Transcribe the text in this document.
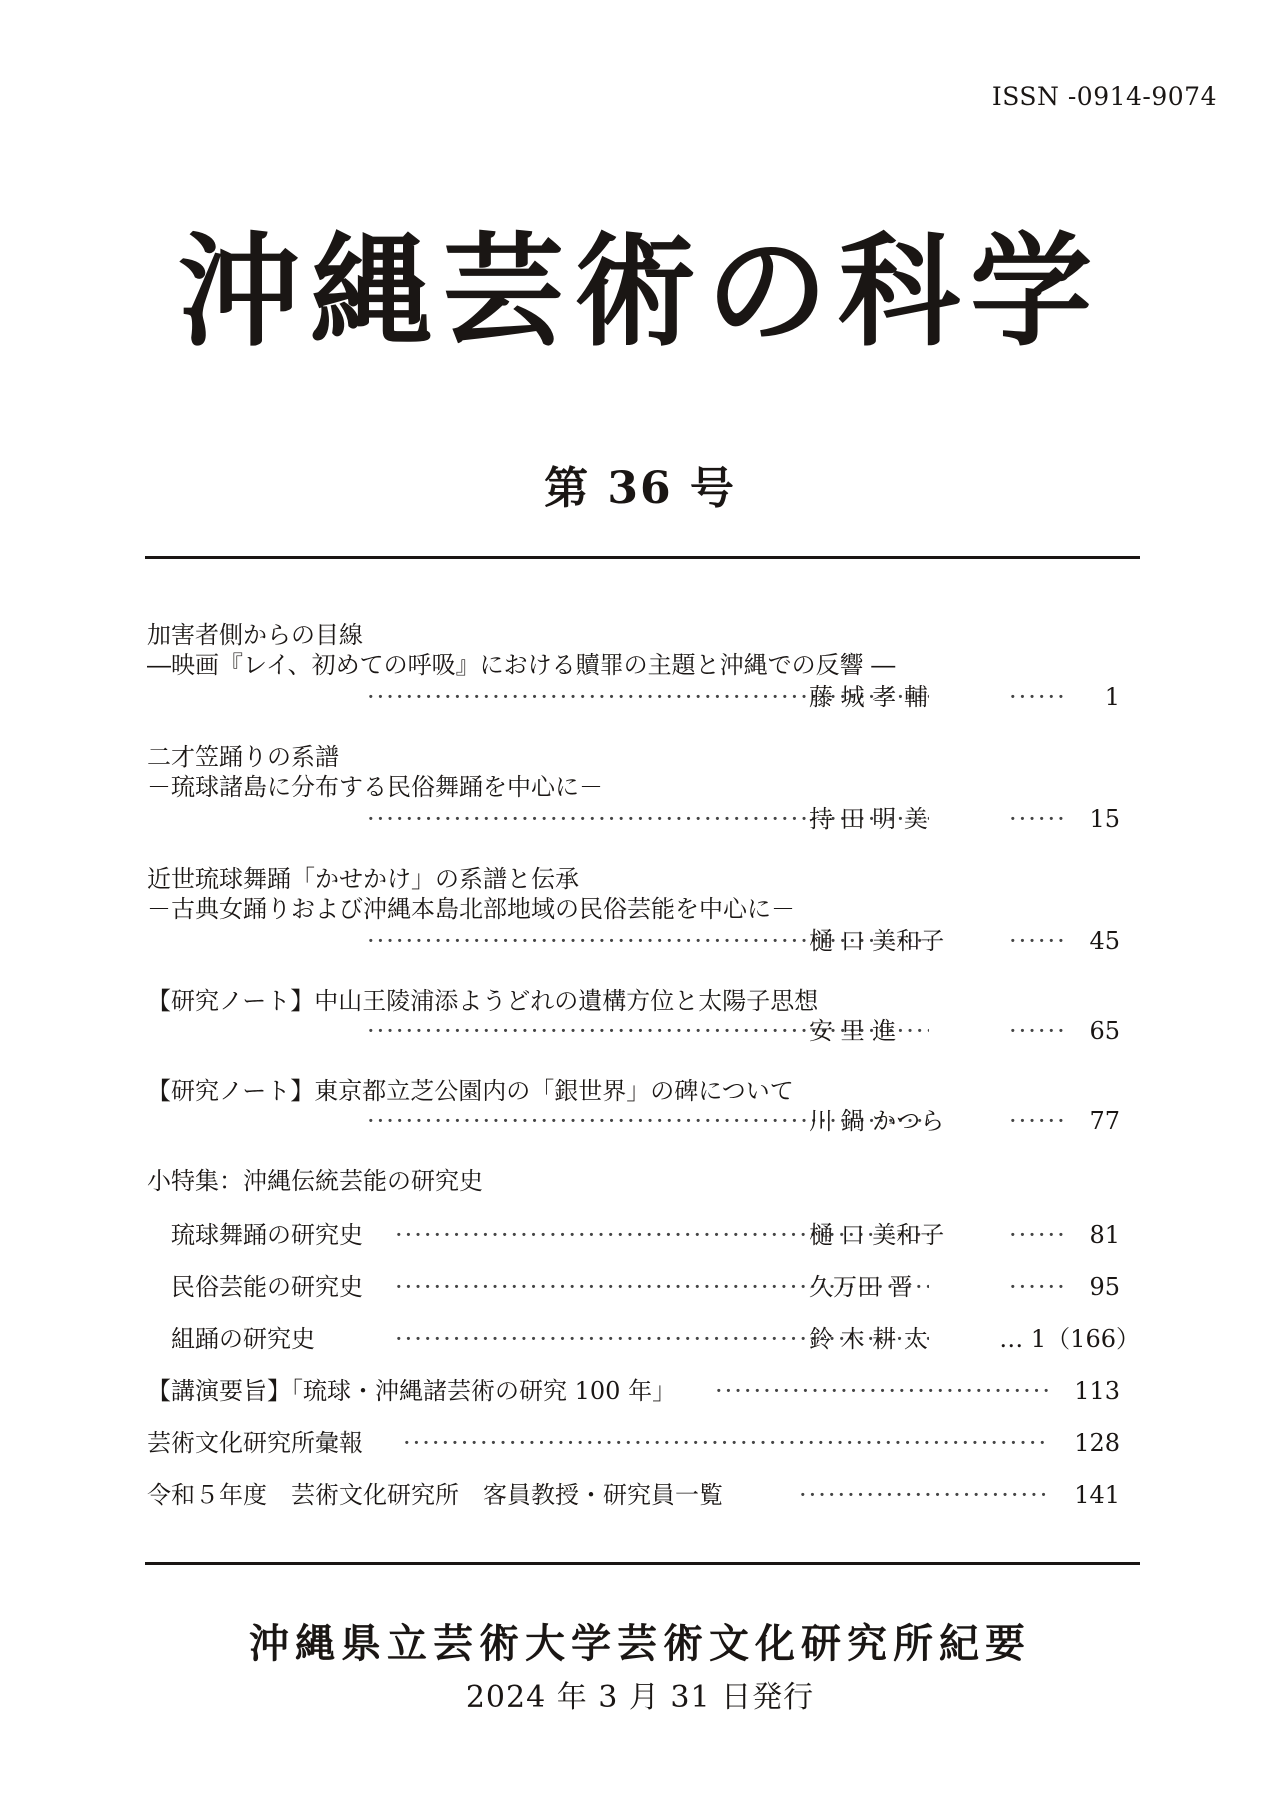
ISSN -0914-9074
沖縄芸術の科学
第 36 号
加害者側からの目線
―映画『レイ、初めての呼吸』における贖罪の主題と沖縄での反響 ―
·····
藤 城 孝 輔 ······	1
二才笠踊りの系譜
－琉球諸島に分布する民俗舞踊を中心に－
·····
持 田 明 美 ······	15
近世琉球舞踊「かせかけ」の系譜と伝承
－古典女踊りおよび沖縄本島北部地域の民俗芸能を中心に－
·····
樋 口 美和子 ······	45
【研究ノート】中山王陵浦添ようどれの遺構方位と太陽子思想
·····
安 里 進 ······	65
【研究ノート】東京都立芝公園内の「銀世界」の碑について
·····
川 鍋 かつら ······	77
小特集：沖縄伝統芸能の研究史
琉球舞踊の研究史 ·····	樋 口 美和子 ······	81
民俗芸能の研究史 ·····	久万田 晋 ······	95
組踊の研究史 ·····	鈴 木 耕 太	… 1（166）
【講演要旨】「琉球・沖縄諸芸術の研究 100 年」 ·····	113
芸術文化研究所彙報 ·····	128
令和５年度　芸術文化研究所　客員教授・研究員一覧 ·····	141
沖縄県立芸術大学芸術文化研究所紀要
2024 年 3 月 31 日発行
